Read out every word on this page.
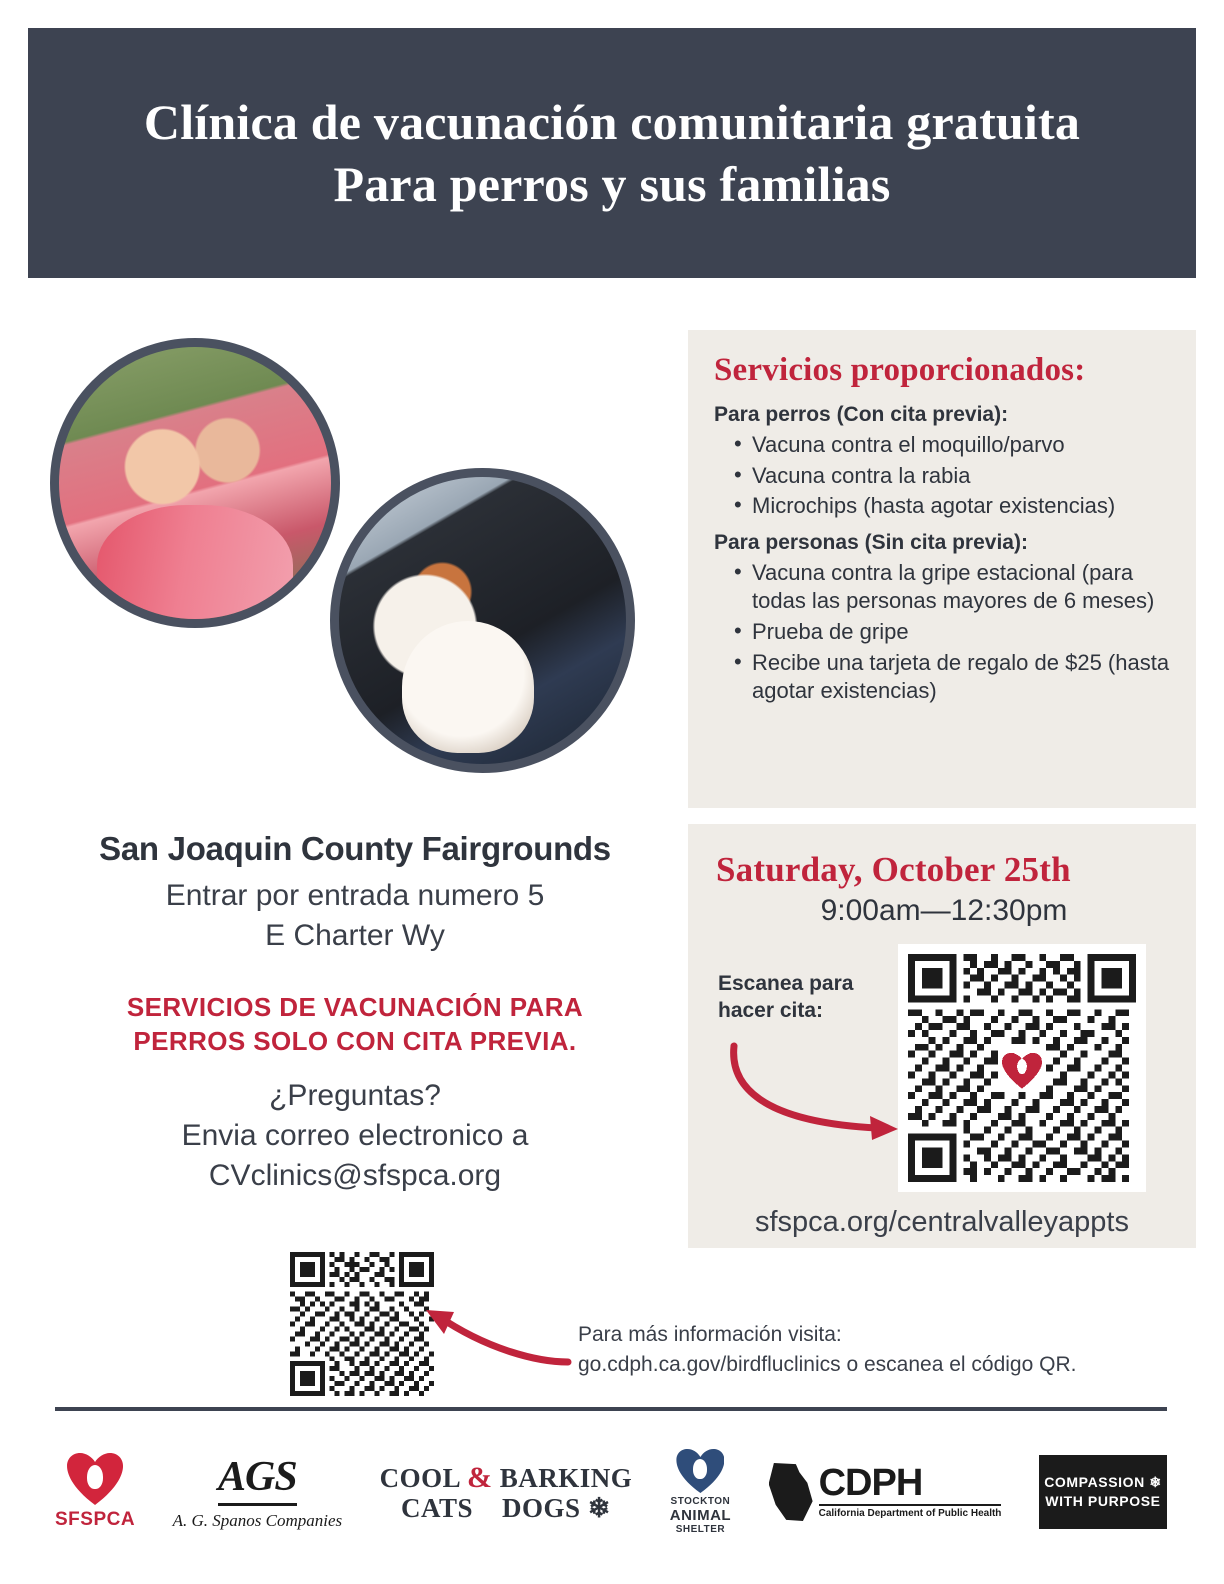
Clínica de vacunación comunitaria gratuita
Para perros y sus familias
Servicios proporcionados:
Para perros (Con cita previa):
• Vacuna contra el moquillo/parvo
• Vacuna contra la rabia
• Microchips (hasta agotar existencias)
Para personas (Sin cita previa):
• Vacuna contra la gripe estacional (para todas las personas mayores de 6 meses)
• Prueba de gripe
• Recibe una tarjeta de regalo de $25 (hasta agotar existencias)
San Joaquin County Fairgrounds

Entrar por entrada numero 5

E Charter Wy

SERVICIOS DE VACUNACIÓN PARA
PERROS SOLO CON CITA PREVIA.

¿Preguntas?

Envia correo electronico a

CVclinics@sfspca.org

Saturday, October 25th
9:00am—12:30pm
Escanea para
hacer cita:
sfspca.org/centralvalleyappts
Para más información visita:
go.cdph.ca.gov/birdfluclinics o escanea el código QR.
SFSPCA
AGS
A. G. Spanos Companies
COOL & BARKING
CATS DOGS ❄	STOCKTON
ANIMAL
SHELTER
CDPH
California Department of Public Health
COMPASSION ❄
WITH PURPOSE
